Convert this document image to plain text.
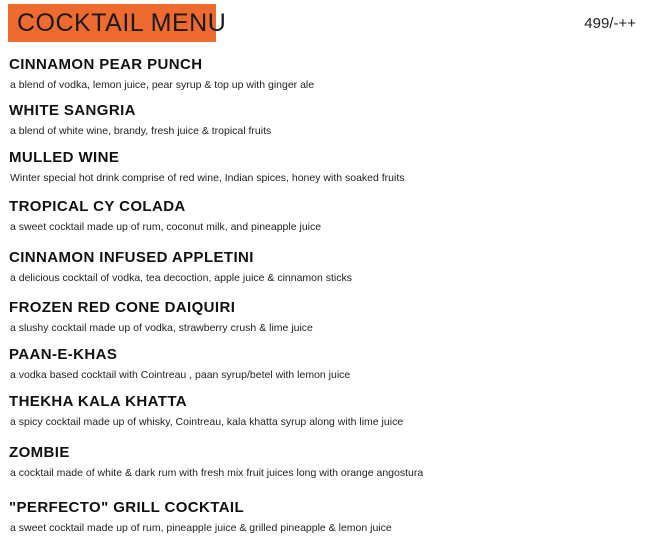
COCKTAIL MENU	499/-++
CINNAMON PEAR PUNCH
a blend of vodka, lemon juice, pear syrup & top up with ginger ale
WHITE SANGRIA
a blend of white wine, brandy, fresh juice & tropical fruits
MULLED WINE
Winter special hot drink comprise of red wine, Indian spices, honey with soaked fruits
TROPICAL CY COLADA
a sweet cocktail made up of rum, coconut milk, and pineapple juice
CINNAMON INFUSED APPLETINI
a delicious cocktail of vodka, tea decoction, apple juice & cinnamon sticks
FROZEN RED CONE DAIQUIRI
a slushy cocktail made up of vodka, strawberry crush & lime juice
PAAN-E-KHAS
a vodka based cocktail with Cointreau , paan syrup/betel with lemon juice
THEKHA KALA KHATTA
a spicy cocktail made up of whisky, Cointreau, kala khatta syrup along with lime juice
ZOMBIE
a cocktail made of white & dark rum with fresh mix fruit juices long with orange angostura
"PERFECTO" GRILL COCKTAIL
a sweet cocktail made up of rum, pineapple juice & grilled pineapple & lemon juice
